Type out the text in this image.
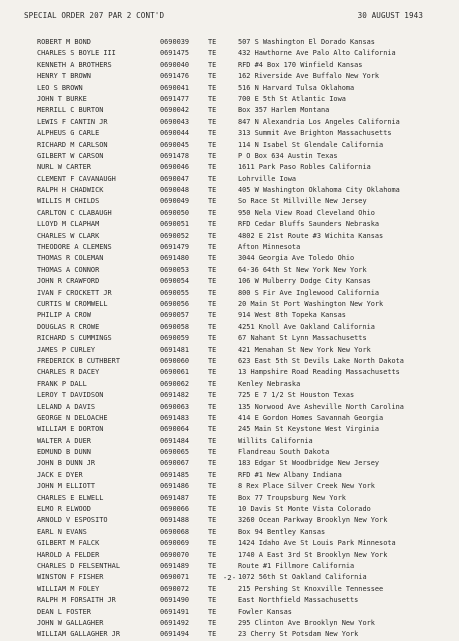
SPECIAL ORDER 207 PAR 2 CONT'D	30 AUGUST 1943
ROBERT M BOND	0690039	TE	507 S Washington El Dorado Kansas
CHARLES S BOYLE III	0691475	TE	432 Hawthorne Ave Palo Alto California
KENNETH A BROTHERS	0690040	TE	RFD #4 Box 170 Winfield Kansas
HENRY T BROWN	0691476	TE	162 Riverside Ave Buffalo New York
LEO S BROWN	0690041	TE	516 N Harvard Tulsa Oklahoma
JOHN T BURKE	0691477	TE	700 E 5th St Atlantic Iowa
MERRILL C BURTON	0690042	TE	Box 357 Harlem Montana
LEWIS F CANTIN JR	0690043	TE	847 N Alexandria Los Angeles California
ALPHEUS G CARLE	0690044	TE	313 Summit Ave Brighton Massachusetts
RICHARD M CARLSON	0690045	TE	114 N Isabel St Glendale California
GILBERT W CARSON	0691478	TE	P O Box 634 Austin Texas
NURL W CARTER	0690046	TE	1611 Park Paso Robles California
CLEMENT F CAVANAUGH	0690047	TE	Lohrville Iowa
RALPH H CHADWICK	0690048	TE	405 W Washington Oklahoma City Oklahoma
WILLIS M CHILDS	0690049	TE	So Race St Millville New Jersey
CARLTON C CLABAUGH	0690050	TE	950 Nela View Road Cleveland Ohio
LLOYD M CLAPHAM	0690051	TE	RFD Cedar Bluffs Saunders Nebraska
CHARLES W CLARK	0690052	TE	4802 E 21st Route #3 Wichita Kansas
THEODORE A CLEMENS	0691479	TE	Afton Minnesota
THOMAS R COLEMAN	0691480	TE	3044 Georgia Ave Toledo Ohio
THOMAS A CONNOR	0690053	TE	64-36 64th St New York New York
JOHN R CRAWFORD	0690054	TE	106 W Mulberry Dodge City Kansas
IVAN F CROCKETT JR	0690055	TE	800 S Fir Ave Inglewood California
CURTIS W CROMWELL	0690056	TE	20 Main St Port Washington New York
PHILIP A CROW	0690057	TE	914 West 8th Topeka Kansas
DOUGLAS R CROWE	0690058	TE	4251 Knoll Ave Oakland California
RICHARD S CUMMINGS	0690059	TE	67 Nahant St Lynn Massachusetts
JAMES P CURLEY	0691481	TE	421 Menahan St New York New York
FREDERICK B CUTHBERT	0690060	TE	623 East 5th St Devils Lake North Dakota
CHARLES R DACEY	0690061	TE	13 Hampshire Road Reading Massachusetts
FRANK P DALL	0690062	TE	Kenley Nebraska
LEROY T DAVIDSON	0691482	TE	725 E 7 1/2 St Houston Texas
LELAND A DAVIS	0690063	TE	135 Norwood Ave Asheville North Carolina
GEORGE N DELOACHE	0691483	TE	414 E Gordon Homes Savannah Georgia
WILLIAM E DORTON	0690064	TE	245 Main St Keystone West Virginia
WALTER A DUER	0691484	TE	Willits California
EDMUND B DUNN	0690065	TE	Flandreau South Dakota
JOHN B DUNN JR	0690067	TE	183 Edgar St Woodbridge New Jersey
JACK E DYER	0691485	TE	RFD #1 New Albany Indiana
JOHN M ELLIOTT	0691486	TE	8 Rex Place Silver Creek New York
CHARLES E ELWELL	0691487	TE	Box 77 Troupsburg New York
ELMO R ELWOOD	0690066	TE	10 Davis St Monte Vista Colorado
ARNOLD V ESPOSITO	0691488	TE	3260 Ocean Parkway Brooklyn New York
EARL N EVANS	0690068	TE	Box 94 Bentley Kansas
GILBERT M FALCK	0690069	TE	1424 Idaho Ave St Louis Park Minnesota
HAROLD A FELDER	0690070	TE	1740 A East 3rd St Brooklyn New York
CHARLES D FELSENTHAL	0691489	TE	Route #1 Fillmore California
WINSTON F FISHER	0690071	TE	1072 56th St Oakland California
WILLIAM M FOLEY	0690072	TE	215 Pershing St Knoxville Tennessee
RALPH M FORSAITH JR	0691490	TE	East Northfield Massachusetts
DEAN L FOSTER	0691491	TE	Fowler Kansas
JOHN W GALLAGHER	0691492	TE	295 Clinton Ave Brooklyn New York
WILLIAM GALLAGHER JR	0691494	TE	23 Cherry St Potsdam New York
-2-
